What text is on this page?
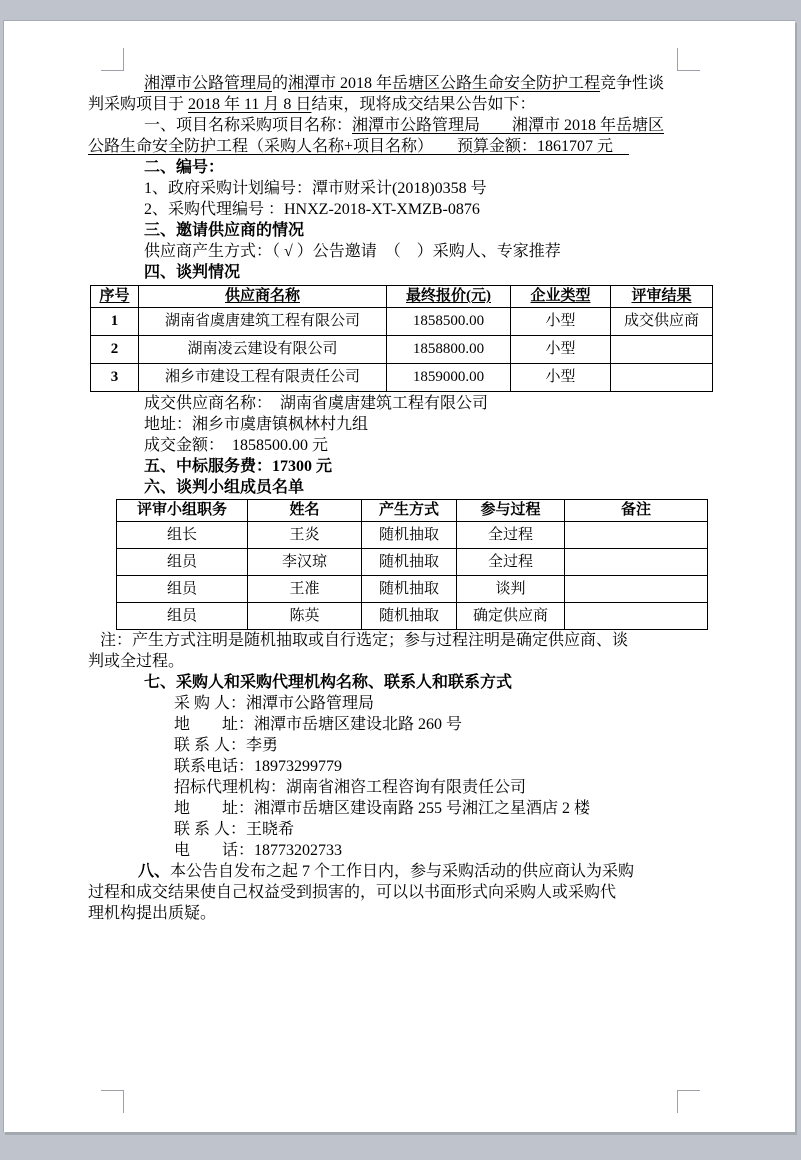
湘潭市公路管理局的湘潭市 2018 年岳塘区公路生命安全防护工程竞争性谈
判采购项目于 2018 年 11 月 8 日结束，现将成交结果公告如下：
一、项目名称采购项目名称：湘潭市公路管理局　　湘潭市 2018 年岳塘区
公路生命安全防护工程（采购人名称+项目名称）　　预算金额：1861707 元　
二、编号：
1、政府采购计划编号：潭市财采计(2018)0358 号
2、采购代理编号 ：HNXZ-2018-XT-XMZB-0876
三、邀请供应商的情况
供应商产生方式：（ √ ）公告邀请　（　）采购人、专家推荐
四、谈判情况
序号	供应商名称	最终报价(元)	企业类型	评审结果
1	湖南省虞唐建筑工程有限公司	1858500.00	小型	成交供应商
2	湖南凌云建设有限公司	1858800.00	小型	
3	湘乡市建设工程有限责任公司	1859000.00	小型	
成交供应商名称：　湖南省虞唐建筑工程有限公司
地址：湘乡市虞唐镇枫林村九组
成交金额：　1858500.00 元
五、中标服务费：17300 元
六、谈判小组成员名单
评审小组职务	姓名	产生方式	参与过程	备注
组长	王炎	随机抽取	全过程	
组员	李汉琼	随机抽取	全过程	
组员	王准	随机抽取	谈判	
组员	陈英	随机抽取	确定供应商	
注：产生方式注明是随机抽取或自行选定；参与过程注明是确定供应商、谈
判或全过程。
七、采购人和采购代理机构名称、联系人和联系方式
采 购 人：湘潭市公路管理局
地　　址：湘潭市岳塘区建设北路 260 号
联 系 人：李勇
联系电话：18973299779
招标代理机构：湖南省湘咨工程咨询有限责任公司
地　　址：湘潭市岳塘区建设南路 255 号湘江之星酒店 2 楼
联 系 人：王晓希
电　　话：18773202733
八、本公告自发布之起 7 个工作日内，参与采购活动的供应商认为采购
过程和成交结果使自己权益受到损害的，可以以书面形式向采购人或采购代
理机构提出质疑。
